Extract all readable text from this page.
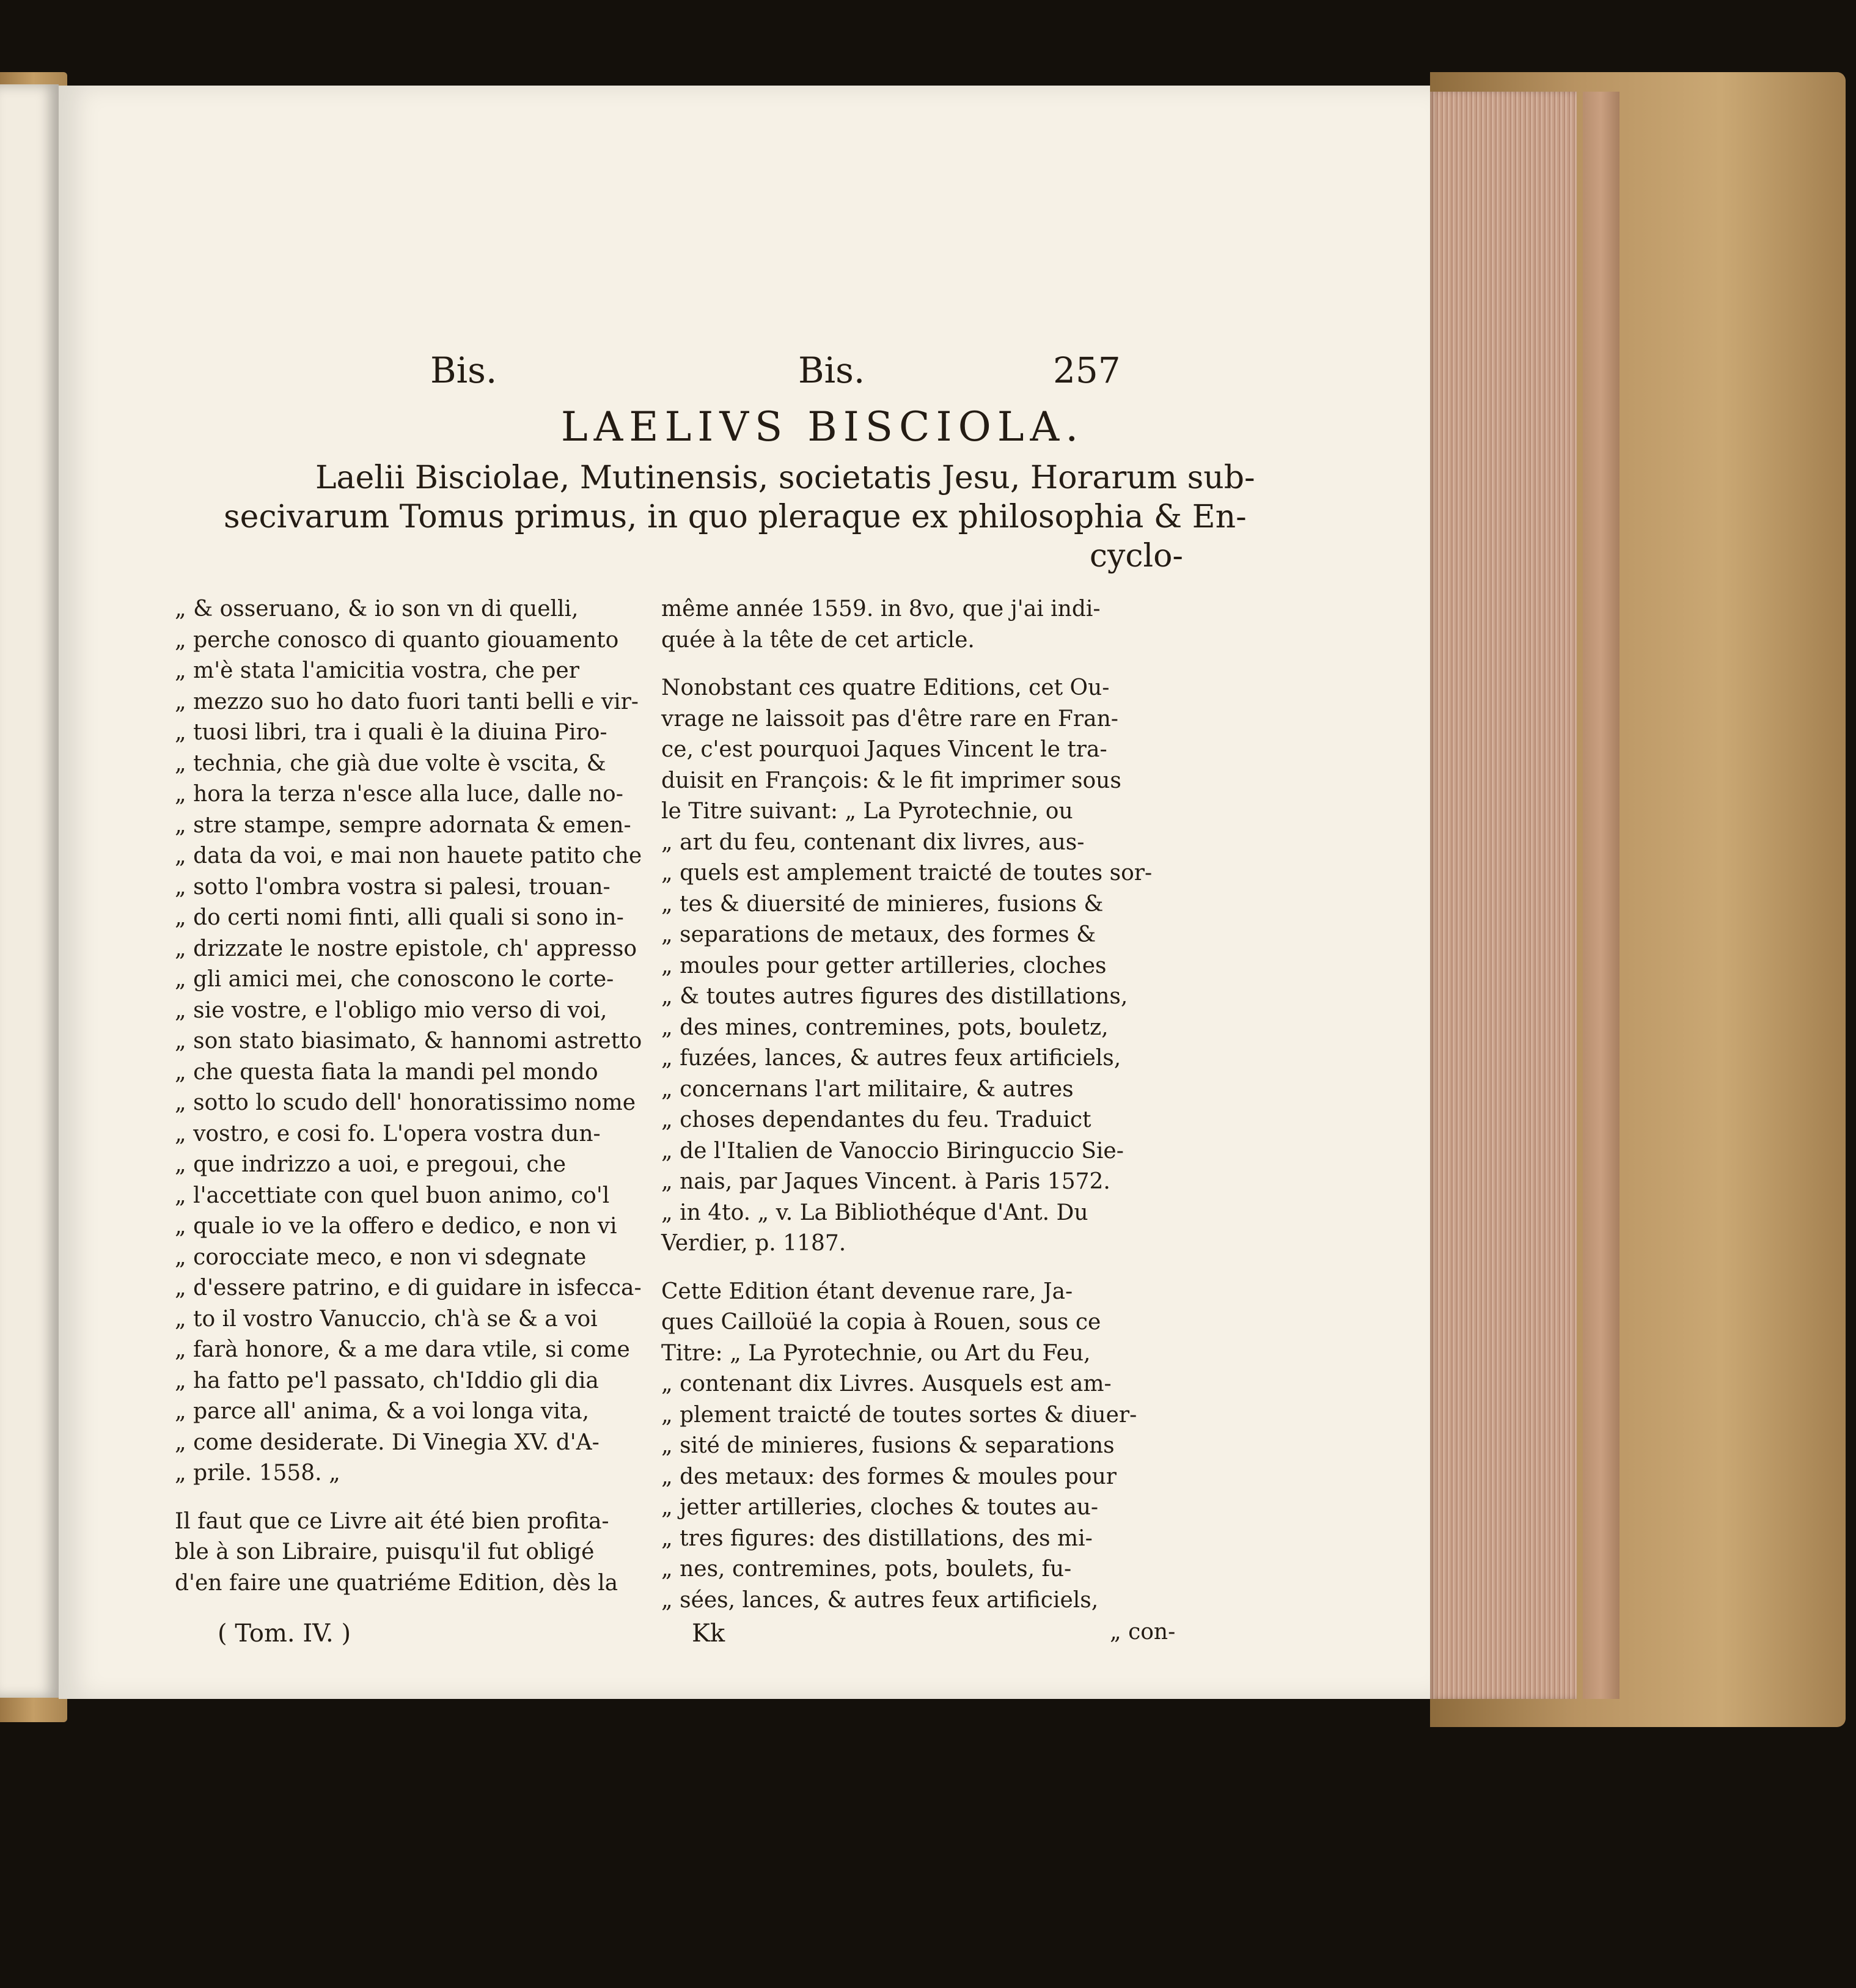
Bis.	Bis.	257
LAELIVS BISCIOLA.
Laelii Bisciolae, Mutinensis, societatis Jesu, Horarum sub-
secivarum Tomus primus, in quo pleraque ex philosophia & En-
cyclo-
„ & osseruano, & io son vn di quelli,
„ perche conosco di quanto giouamento
„ m'è stata l'amicitia vostra, che per
„ mezzo suo ho dato fuori tanti belli e vir-
„ tuosi libri, tra i quali è la diuina Piro-
„ technia, che già due volte è vscita, &
„ hora la terza n'esce alla luce, dalle no-
„ stre stampe, sempre adornata & emen-
„ data da voi, e mai non hauete patito che
„ sotto l'ombra vostra si palesi, trouan-
„ do certi nomi finti, alli quali si sono in-
„ drizzate le nostre epistole, ch' appresso
„ gli amici mei, che conoscono le corte-
„ sie vostre, e l'obligo mio verso di voi,
„ son stato biasimato, & hannomi astretto
„ che questa fiata la mandi pel mondo
„ sotto lo scudo dell' honoratissimo nome
„ vostro, e cosi fo. L'opera vostra dun-
„ que indrizzo a uoi, e pregoui, che
„ l'accettiate con quel buon animo, co'l
„ quale io ve la offero e dedico, e non vi
„ corocciate meco, e non vi sdegnate
„ d'essere patrino, e di guidare in isfecca-
„ to il vostro Vanuccio, ch'à se & a voi
„ farà honore, & a me dara vtile, si come
„ ha fatto pe'l passato, ch'Iddio gli dia
„ parce all' anima, & a voi longa vita,
„ come desiderate. Di Vinegia XV. d'A-
„ prile. 1558. „
Il faut que ce Livre ait été bien profita-
ble à son Libraire, puisqu'il fut obligé
d'en faire une quatriéme Edition, dès la
même année 1559. in 8vo, que j'ai indi-
quée à la tête de cet article.
Nonobstant ces quatre Editions, cet Ou-
vrage ne laissoit pas d'être rare en Fran-
ce, c'est pourquoi Jaques Vincent le tra-
duisit en François: & le fit imprimer sous
le Titre suivant: „ La Pyrotechnie, ou
„ art du feu, contenant dix livres, aus-
„ quels est amplement traicté de toutes sor-
„ tes & diuersité de minieres, fusions &
„ separations de metaux, des formes &
„ moules pour getter artilleries, cloches
„ & toutes autres figures des distillations,
„ des mines, contremines, pots, bouletz,
„ fuzées, lances, & autres feux artificiels,
„ concernans l'art militaire, & autres
„ choses dependantes du feu. Traduict
„ de l'Italien de Vanoccio Biringuccio Sie-
„ nais, par Jaques Vincent. à Paris 1572.
„ in 4to. „ v. La Bibliothéque d'Ant. Du
Verdier, p. 1187.
Cette Edition étant devenue rare, Ja-
ques Cailloüé la copia à Rouen, sous ce
Titre: „ La Pyrotechnie, ou Art du Feu,
„ contenant dix Livres. Ausquels est am-
„ plement traicté de toutes sortes & diuer-
„ sité de minieres, fusions & separations
„ des metaux: des formes & moules pour
„ jetter artilleries, cloches & toutes au-
„ tres figures: des distillations, des mi-
„ nes, contremines, pots, boulets, fu-
„ sées, lances, & autres feux artificiels,
( Tom. IV. )	Kk	„ con-
